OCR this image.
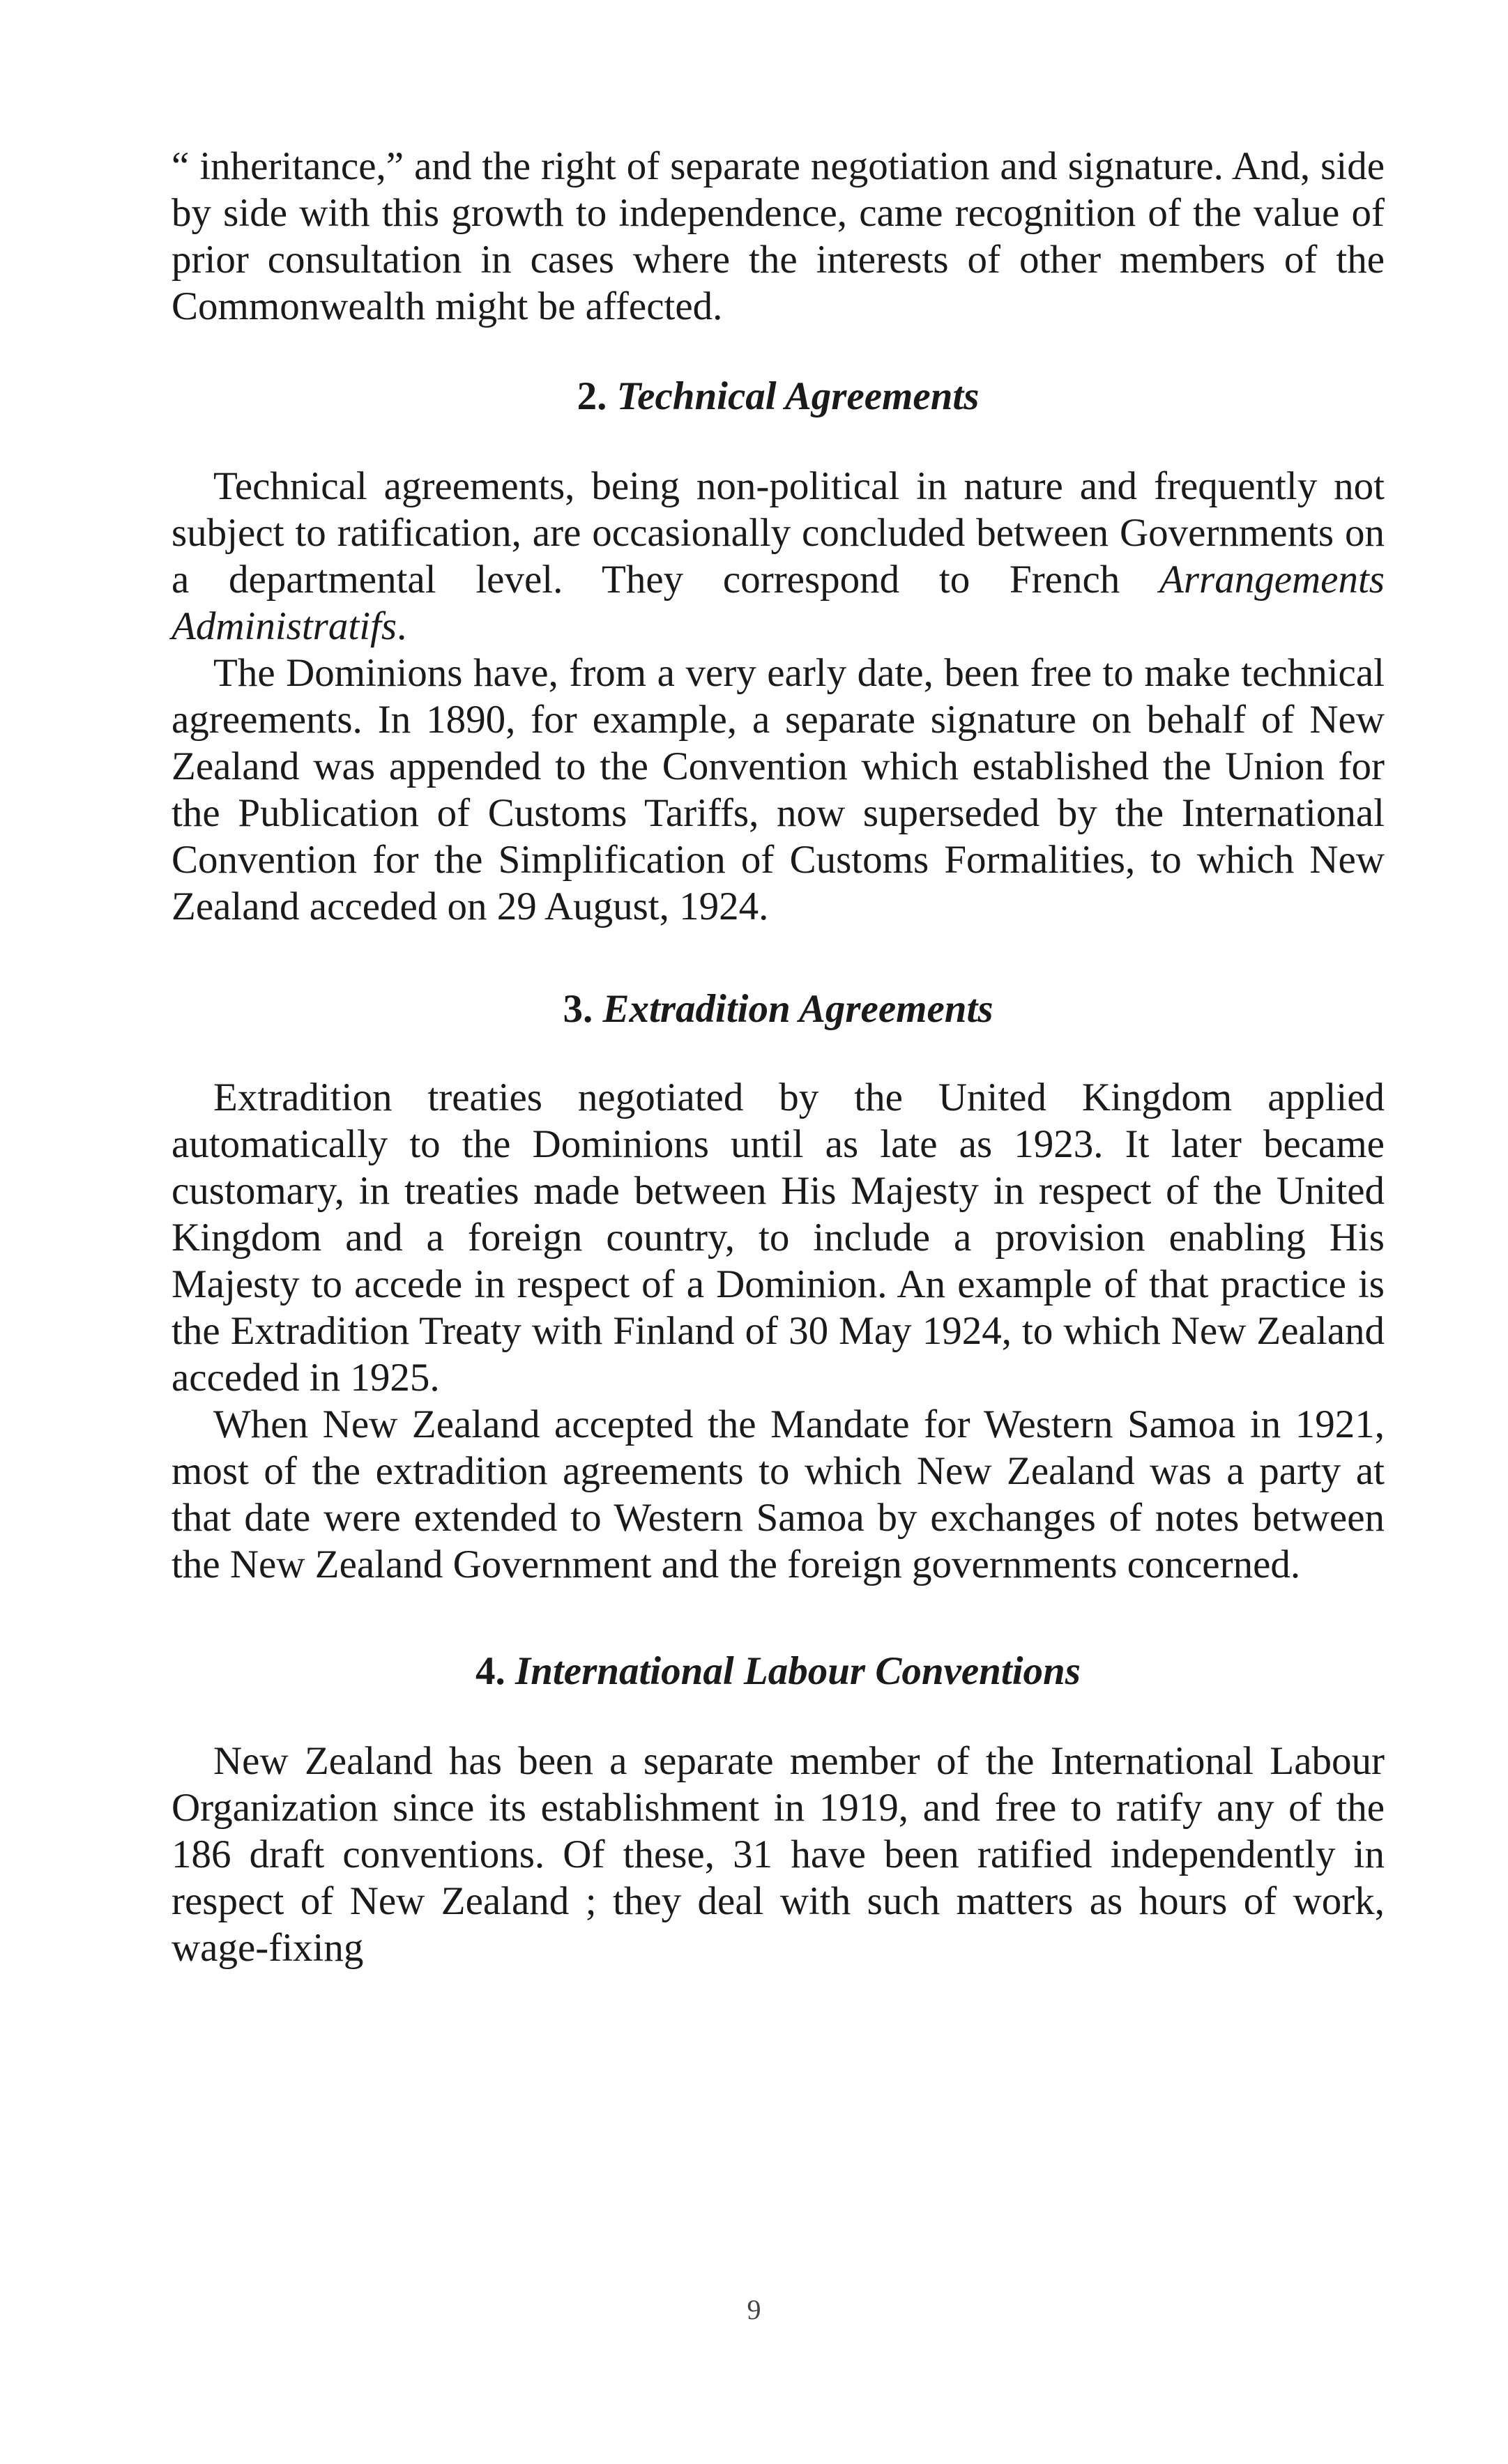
“ inheritance,” and the right of separate negotiation and signature. And, side by side with this growth to independence, came recognition of the value of prior consultation in cases where the interests of other members of the Commonwealth might be affected.

2. Technical Agreements

Technical agreements, being non-political in nature and frequently not subject to ratification, are occasionally concluded between Governments on a departmental level. They correspond to French Arrangements Administratifs.

The Dominions have, from a very early date, been free to make technical agreements. In 1890, for example, a separate signature on behalf of New Zealand was appended to the Convention which established the Union for the Publication of Customs Tariffs, now superseded by the International Convention for the Simplification of Customs Formalities, to which New Zealand acceded on 29 August, 1924.

3. Extradition Agreements

Extradition treaties negotiated by the United Kingdom applied automatically to the Dominions until as late as 1923. It later became customary, in treaties made between His Majesty in respect of the United Kingdom and a foreign country, to include a provision enabling His Majesty to accede in respect of a Dominion. An example of that practice is the Extradition Treaty with Finland of 30 May 1924, to which New Zealand acceded in 1925.

When New Zealand accepted the Mandate for Western Samoa in 1921, most of the extradition agreements to which New Zealand was a party at that date were extended to Western Samoa by exchanges of notes between the New Zealand Government and the foreign governments concerned.

4. International Labour Conventions

New Zealand has been a separate member of the International Labour Organization since its establishment in 1919, and free to ratify any of the 186 draft conventions. Of these, 31 have been ratified independently in respect of New Zealand ; they deal with such matters as hours of work, wage-fixing

9
